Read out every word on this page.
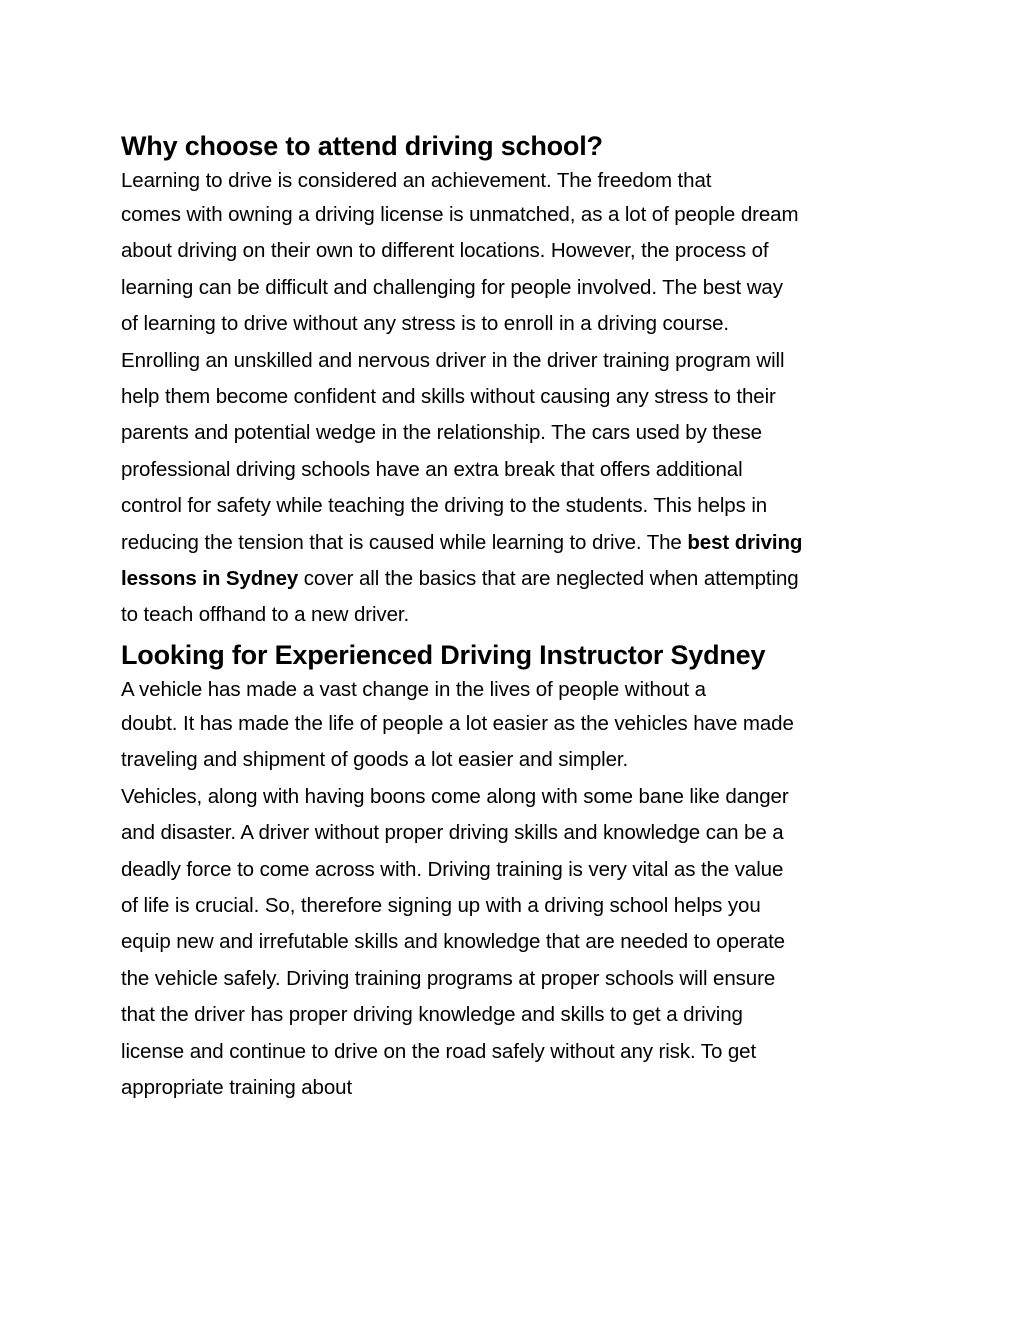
Why choose to attend driving school?
Learning to drive is considered an achievement. The freedom that
comes with owning a driving license is unmatched, as a lot of people dream
about driving on their own to different locations. However, the process of
learning can be difficult and challenging for people involved. The best way
of learning to drive without any stress is to enroll in a driving course.
Enrolling an unskilled and nervous driver in the driver training program will
help them become confident and skills without causing any stress to their
parents and potential wedge in the relationship. The cars used by these
professional driving schools have an extra break that offers additional
control for safety while teaching the driving to the students. This helps in
reducing the tension that is caused while learning to drive. The best driving
lessons in Sydney cover all the basics that are neglected when attempting
to teach offhand to a new driver.
Looking for Experienced Driving Instructor Sydney
A vehicle has made a vast change in the lives of people without a
doubt. It has made the life of people a lot easier as the vehicles have made
traveling and shipment of goods a lot easier and simpler.
Vehicles, along with having boons come along with some bane like danger
and disaster. A driver without proper driving skills and knowledge can be a
deadly force to come across with. Driving training is very vital as the value
of life is crucial. So, therefore signing up with a driving school helps you
equip new and irrefutable skills and knowledge that are needed to operate
the vehicle safely. Driving training programs at proper schools will ensure
that the driver has proper driving knowledge and skills to get a driving
license and continue to drive on the road safely without any risk. To get
appropriate training about
